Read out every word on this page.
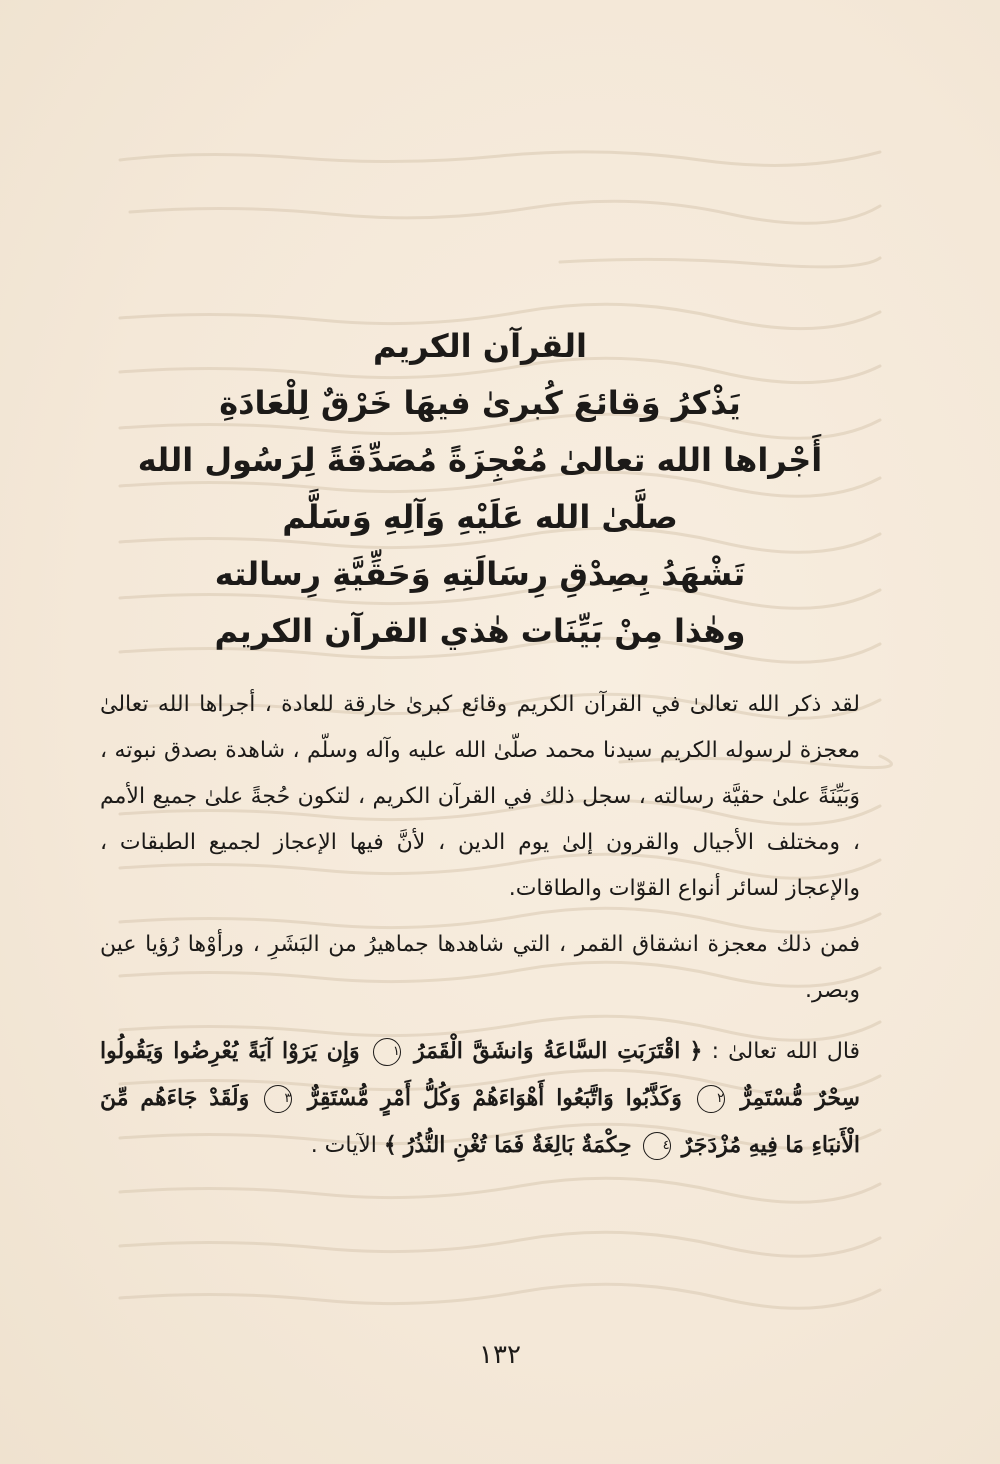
القرآن الكريم
يَذْكرُ وَقائعَ كُبرىٰ فيهَا خَرْقٌ لِلْعَادَةِ
أَجْراها الله تعالىٰ مُعْجِزَةً مُصَدِّقَةً لِرَسُول الله
صلَّىٰ الله عَلَيْهِ وَآلِهِ وَسَلَّم
تَشْهَدُ بِصِدْقِ رِسَالَتِهِ وَحَقِّيَّةِ رِسالته
وهٰذا مِنْ بَيِّنَات هٰذي القرآن الكريم

لقد ذكر الله تعالىٰ في القرآن الكريم وقائع كبرىٰ خارقة للعادة ، أجراها الله تعالىٰ معجزة لرسوله الكريم سيدنا محمد صلّىٰ الله عليه وآله وسلّم ، شاهدة بصدق نبوته ، وَبَيِّنَةً علىٰ حقيَّة رسالته ، سجل ذلك في القرآن الكريم ، لتكون حُجةً علىٰ جميع الأمم ، ومختلف الأجيال والقرون إلىٰ يوم الدين ، لأنَّ فيها الإعجاز لجميع الطبقات ، والإعجاز لسائر أنواع القوّات والطاقات.

فمن ذلك معجزة انشقاق القمر ، التي شاهدها جماهيرُ من البَشَرِ ، ورأوْها رُؤيا عين وبصر.

قال الله تعالىٰ : ﴿ اقْتَرَبَتِ السَّاعَةُ وَانشَقَّ الْقَمَرُ ١ وَإِن يَرَوْا آيَةً يُعْرِضُوا وَيَقُولُوا سِحْرٌ مُّسْتَمِرٌّ ٢ وَكَذَّبُوا وَاتَّبَعُوا أَهْوَاءَهُمْ وَكُلُّ أَمْرٍ مُّسْتَقِرٌّ ٣ وَلَقَدْ جَاءَهُم مِّنَ الْأَنبَاءِ مَا فِيهِ مُزْدَجَرٌ ٤ حِكْمَةٌ بَالِغَةٌ فَمَا تُغْنِ النُّذُرُ ﴾ الآيات .

١٣٢
